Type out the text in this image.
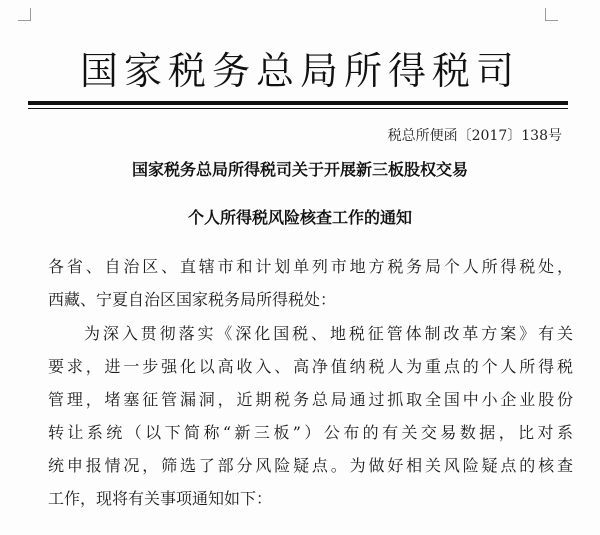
国家税务总局所得税司
税总所便函〔2017〕138号
国家税务总局所得税司关于开展新三板股权交易
个人所得税风险核查工作的通知
各省、自治区、直辖市和计划单列市地方税务局个人所得税处，
西藏、宁夏自治区国家税务局所得税处：
为深入贯彻落实《深化国税、地税征管体制改革方案》有关
要求，进一步强化以高收入、高净值纳税人为重点的个人所得税
管理，堵塞征管漏洞，近期税务总局通过抓取全国中小企业股份
转让系统（以下简称“新三板”）公布的有关交易数据，比对系
统申报情况，筛选了部分风险疑点。为做好相关风险疑点的核查
工作，现将有关事项通知如下：
